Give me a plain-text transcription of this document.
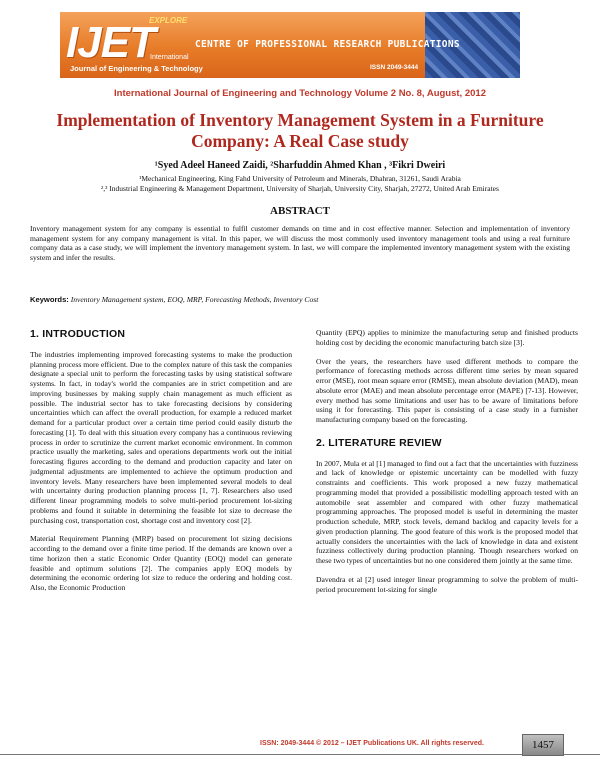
IJET
EXPLORE
International
Journal of Engineering & Technology
CENTRE OF PROFESSIONAL RESEARCH PUBLICATIONS
ISSN 2049-3444
International Journal of Engineering and Technology Volume 2 No. 8, August, 2012
Implementation of Inventory Management System in a Furniture Company: A Real Case study
¹Syed Adeel Haneed Zaidi, ²Sharfuddin Ahmed Khan , ³Fikri Dweiri
¹Mechanical Engineering, King Fahd University of Petroleum and Minerals, Dhahran, 31261, Saudi Arabia
²,³ Industrial Engineering & Management Department, University of Sharjah, University City, Sharjah, 27272, United Arab Emirates
ABSTRACT
Inventory management system for any company is essential to fulfil customer demands on time and in cost effective manner. Selection and implementation of inventory management system for any company management is vital. In this paper, we will discuss the most commonly used inventory management tools and using a real furniture company data as a case study, we will implement the inventory management system. In last, we will compare the implemented inventory management system with the existing system and infer the results.
Keywords: Inventory Management system, EOQ, MRP, Forecasting Methods, Inventory Cost
1. INTRODUCTION

The industries implementing improved forecasting systems to make the production planning process more efficient. Due to the complex nature of this task the companies designate a special unit to perform the forecasting tasks by using statistical software systems. In fact, in today's world the companies are in strict competition and are improving businesses by making supply chain management as much efficient as possible. The industrial sector has to take forecasting decisions by considering uncertainties which can affect the overall production, for example a reduced market demand for a particular product over a certain time period could easily disturb the forecasting [1]. To deal with this situation every company has a continuous reviewing process in order to scrutinize the current market economic environment. In common practice usually the marketing, sales and operations departments work out the initial forecasting figures according to the demand and production capacity and later on judgmental adjustments are implemented to achieve the optimum production and inventory levels. Many researchers have been implemented several models to deal with uncertainty during production planning process [1, 7]. Researchers also used different linear programming models to solve multi-period procurement lot-sizing problems and found it suitable in determining the feasible lot size to decrease the purchasing cost, transportation cost, shortage cost and inventory cost [2].

Material Requirement Planning (MRP) based on procurement lot sizing decisions according to the demand over a finite time period. If the demands are known over a time horizon then a static Economic Order Quantity (EOQ) model can generate feasible and optimum solutions [2]. The companies apply EOQ models by determining the economic ordering lot size to reduce the ordering and holding cost. Also, the Economic Production

Quantity (EPQ) applies to minimize the manufacturing setup and finished products holding cost by deciding the economic manufacturing batch size [3].

Over the years, the researchers have used different methods to compare the performance of forecasting methods across different time series by mean squared error (MSE), root mean square error (RMSE), mean absolute deviation (MAD), mean absolute error (MAE) and mean absolute percentage error (MAPE) [7-13]. However, every method has some limitations and user has to be aware of limitations before using it for forecasting. This paper is consisting of a case study in a furnisher manufacturing company based on the forecasting.

2. LITERATURE REVIEW

In 2007, Mula et al [1] managed to find out a fact that the uncertainties with fuzziness and lack of knowledge or epistemic uncertainty can be modelled with fuzzy constraints and coefficients. This work proposed a new fuzzy mathematical programming model that provided a possibilistic modelling approach tested with an automobile seat assembler and compared with other fuzzy mathematical programming approaches. The proposed model is useful in determining the master production schedule, MRP, stock levels, demand backlog and capacity levels for a given production planning. The good feature of this work is the proposed model that actually considers the uncertainties with the lack of knowledge in data and existent fuzziness collectively during production planning. Though researchers worked on these two types of uncertainties but no one considered them jointly at the same time.

Davendra et al [2] used integer linear programming to solve the problem of multi-period procurement lot-sizing for single

ISSN: 2049-3444 © 2012 – IJET Publications UK. All rights reserved.	1457
